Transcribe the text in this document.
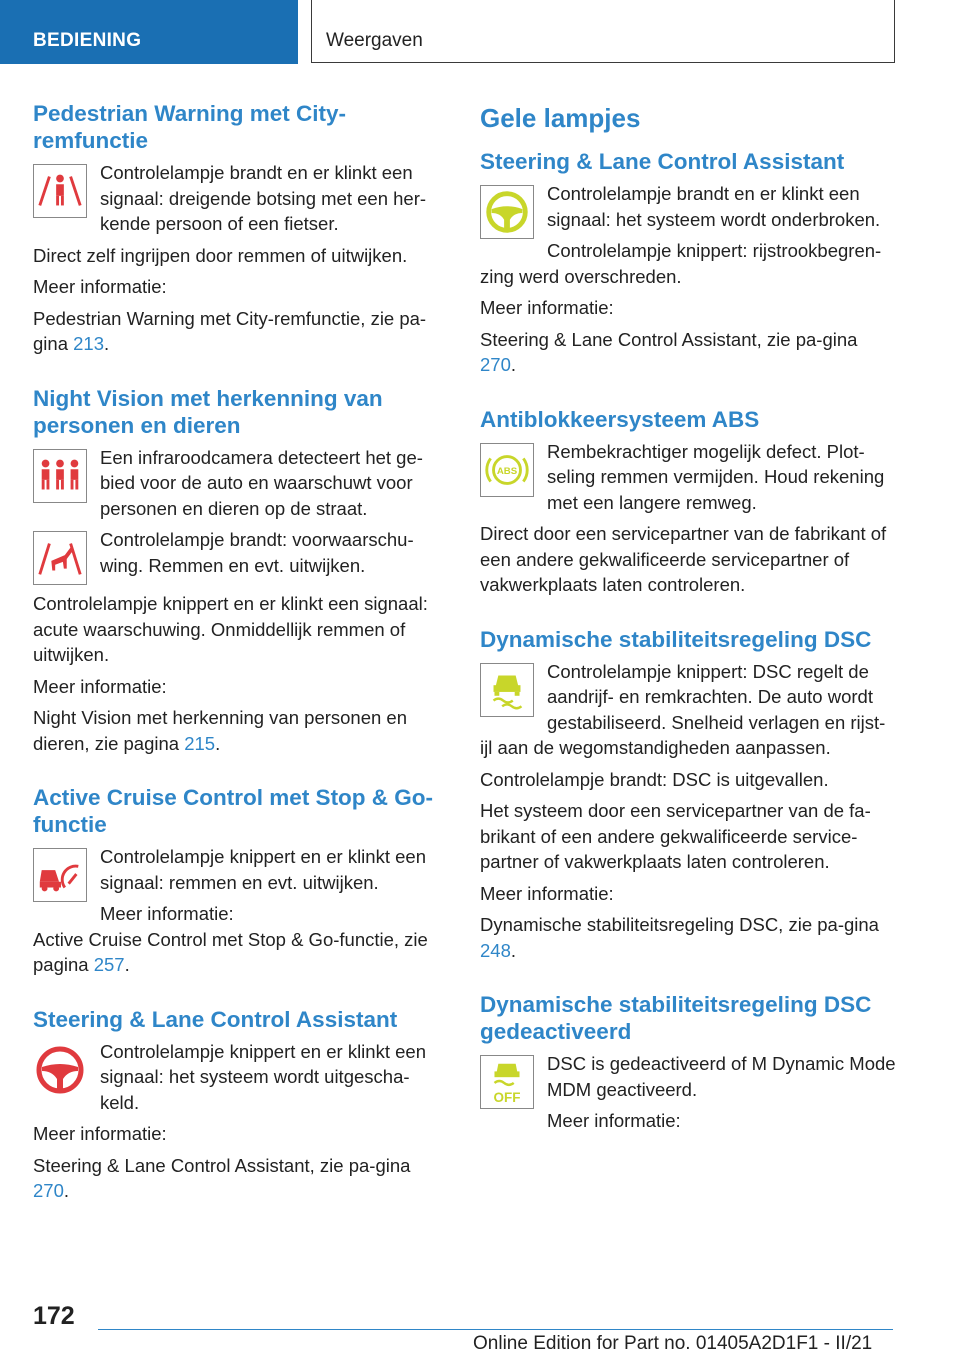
BEDIENING	Weergaven
Pedestrian Warning met City-remfunctie

Controlelampje brandt en er klinkt een signaal: dreigende botsing met een her-kende persoon of een fietser.

Direct zelf ingrijpen door remmen of uitwijken.

Meer informatie:

Pedestrian Warning met City-remfunctie, zie pa-gina 213.

Night Vision met herkenning van personen en dieren

Een infraroodcamera detecteert het ge-bied voor de auto en waarschuwt voor personen en dieren op de straat.

Controlelampje brandt: voorwaarschu-wing. Remmen en evt. uitwijken.

Controlelampje knippert en er klinkt een signaal: acute waarschuwing. Onmiddellijk remmen of uitwijken.

Meer informatie:

Night Vision met herkenning van personen en dieren, zie pagina 215.

Active Cruise Control met Stop & Go-functie

Controlelampje knippert en er klinkt een signaal: remmen en evt. uitwijken.

Meer informatie:

Active Cruise Control met Stop & Go-functie, zie pagina 257.

Steering & Lane Control Assistant

Controlelampje knippert en er klinkt een signaal: het systeem wordt uitgescha-keld.

Meer informatie:

Steering & Lane Control Assistant, zie pa-gina 270.

Gele lampjes
Steering & Lane Control Assistant

Controlelampje brandt en er klinkt een signaal: het systeem wordt onderbroken.

Controlelampje knippert: rijstrookbegren-

zing werd overschreden.

Meer informatie:

Steering & Lane Control Assistant, zie pa-gina 270.

Antiblokkeersysteem ABS
ABS

Rembekrachtiger mogelijk defect. Plot-seling remmen vermijden. Houd rekening met een langere remweg.

Direct door een servicepartner van de fabrikant of een andere gekwalificeerde servicepartner of vakwerkplaats laten controleren.

Dynamische stabiliteitsregeling DSC

Controlelampje knippert: DSC regelt de aandrijf- en remkrachten. De auto wordt gestabiliseerd. Snelheid verlagen en rijst-

ijl aan de wegomstandigheden aanpassen.

Controlelampje brandt: DSC is uitgevallen.

Het systeem door een servicepartner van de fa-brikant of een andere gekwalificeerde service-partner of vakwerkplaats laten controleren.

Meer informatie:

Dynamische stabiliteitsregeling DSC, zie pa-gina 248.

Dynamische stabiliteitsregeling DSC gedeactiveerd
OFF

DSC is gedeactiveerd of M Dynamic Mode MDM geactiveerd.

Meer informatie:

172
Online Edition for Part no. 01405A2D1F1 - II/21
